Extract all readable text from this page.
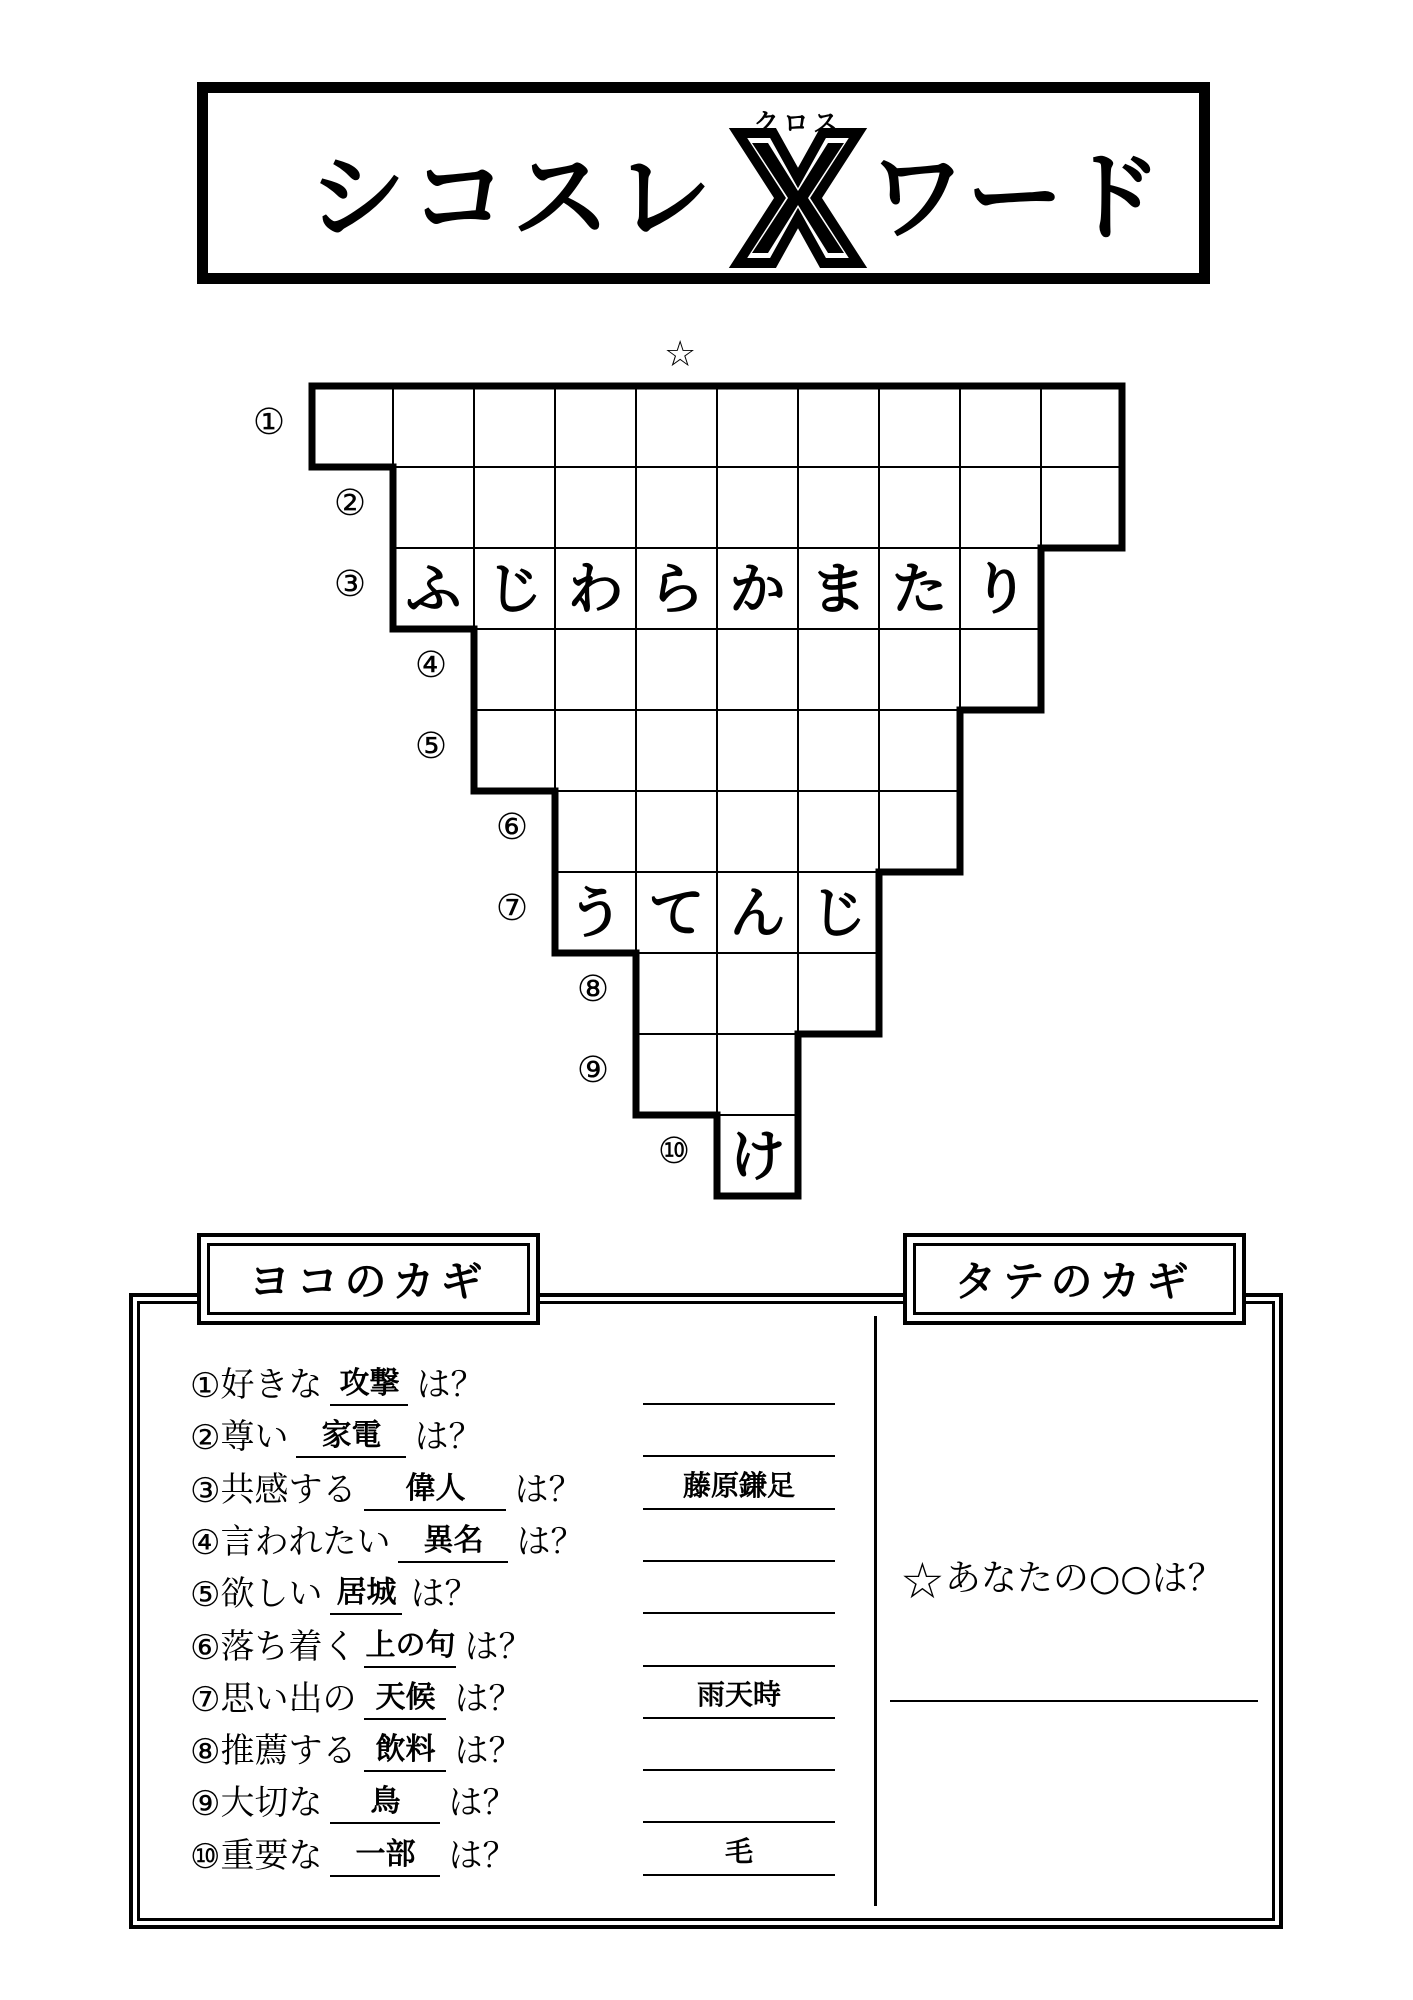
シコスレ
クロス
ワード
☆
ふ じ わ ら か ま た り
う て ん じ
け
①
②
③
④
⑤
⑥
⑦
⑧
⑨
⑩
ヨコのカギ	タテのカギ
①好きな 攻撃 は？
②尊い 家電 は？
③共感する 偉人 は？	藤原鎌足
④言われたい 異名 は？
⑤欲しい 居城 は？
⑥落ち着く 上の句 は？
⑦思い出の 天候 は？	雨天時
⑧推薦する 飲料 は？
⑨大切な 鳥 は？
⑩重要な 一部 は？	毛
☆あなたの○○は？
